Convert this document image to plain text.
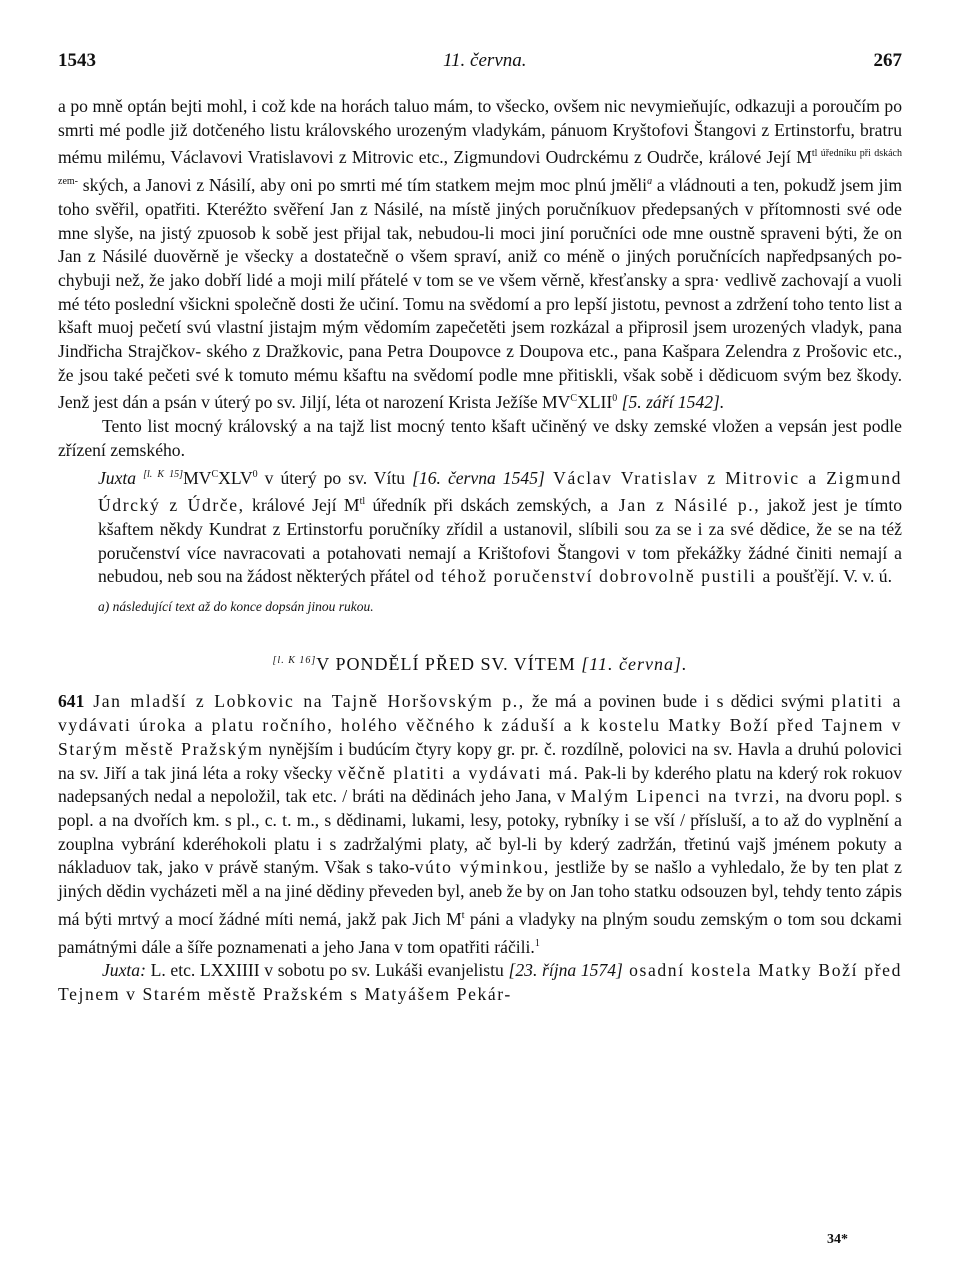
1543	11. června.	267

a po mně optán bejti mohl, i což kde na horách taluo mám, to všecko, ovšem nic nevymieňujíc, odkazuji a poroučím po smrti mé podle již dotčeného listu královského urozeným vladykám, pánuom Kryštofovi Štangovi z Ertinstorfu, bratru mému milému, Václavovi Vratislavovi z Mitrovic etc., Zigmundovi Oudrckému z Oudrče, králové Její $M^{tl úředníku při dskách zem-}$ ských, a Janovi z Násilí, aby oni po smrti mé tím statkem mejm moc plnú jměli$^a$ a vládnouti a ten, pokudž jsem jim toho svěřil, opatřiti. Kteréžto svěření Jan z Násilé, na místě jiných poručníkuov předepsaných v přítomnosti své ode mne slyše, na jistý zpuosob k sobě jest přijal tak, nebudou-li moci jiní poručníci ode mne oustně spraveni býti, že on Jan z Násilé duověrně je všecky a dostatečně o všem spraví, aniž co méně o jiných poručnících napředpsaných po- chybuji než, že jako dobří lidé a moji milí přátelé v tom se ve všem věrně, křesťansky a spra· vedlivě zachovají a vuoli mé této poslední všickni společně dosti že učiní. Tomu na svědomí a pro lepší jistotu, pevnost a zdržení toho tento list a kšaft muoj pečetí svú vlastní jistajm mým vědomím zapečetěti jsem rozkázal a připrosil jsem urozených vladyk, pana Jindřicha Strajčkov- ského z Dražkovic, pana Petra Doupovce z Doupova etc., pana Kašpara Zelendra z Prošovic etc., že jsou také pečeti své k tomuto mému kšaftu na svědomí podle mne přitiskli, však sobě i dědicuom svým bez škody. Jenž jest dán a psán v úterý po sv. Jiljí, léta ot narození Krista Ježíše $MV^CXLII^0$ [5. září 1542].

Tento list mocný královský a na tajž list mocný tento kšaft učiněný ve dsky zemské vložen a vepsán jest podle zřízení zemského.

Juxta $[l. K 15]MV^CXLV^0$ v úterý po sv. Vítu [16. června 1545] Václav Vratislav z Mitrovic a Zigmund Údrcký z Údrče, králové Její $M^{tl}$ úředník při dskách zemských, a Jan z Násilé p., jakož jest je tímto kšaftem někdy Kundrat z Ertinstorfu poručníky zřídil a ustanovil, slíbili sou za se i za své dědice, že se na též poručenství více navracovati a potahovati nemají a Krištofovi Štangovi v tom překážky žádné činiti nemají a nebudou, neb sou na žádost některých přátel od téhož poručenství dobrovolně pustili a poušťějí. V. v. ú.

a) následující text až do konce dopsán jinou rukou.

[l. K 16]V PONDĚLÍ PŘED SV. VÍTEM [11. června].

641 Jan mladší z Lobkovic na Tajně Horšovským p., že má a povinen bude i s dědici svými platiti a vydávati úroka a platu ročního, holého věčného k záduší a k kostelu Matky Boží před Tajnem v Starým městě Pražským nynějším i budúcím čtyry kopy gr. pr. č. rozdílně, polovici na sv. Havla a druhú polovici na sv. Jiří a tak jiná léta a roky všecky věčně platiti a vydávati má. Pak-li by kderého platu na kderý rok rokuov nadepsaných nedal a nepoložil, tak etc. / bráti na dědinách jeho Jana, v Malým Lipenci na tvrzi, na dvoru popl. s popl. a na dvořích km. s pl., c. t. m., s dědinami, lukami, lesy, potoky, rybníky i se vší / přísluší, a to až do vyplnění a zouplna vybrání kderéhokoli platu i s zadržalými platy, ač byl-li by kderý zadržán, třetinú vajš jménem pokuty a nákladuov tak, jako v právě staným. Však s tako-vúto výminkou, jestliže by se našlo a vyhledalo, že by ten plat z jiných dědin vycházeti měl a na jiné dědiny převeden byl, aneb že by on Jan toho statku odsouzen byl, tehdy tento zápis má býti mrtvý a mocí žádné míti nemá, jakž pak Jich $M^t$ páni a vladyky na plným soudu zemským o tom sou dckami památnými dále a šíře poznamenati a jeho Jana v tom opatřiti ráčili.$^1$

Juxta: L. etc. LXXIIII v sobotu po sv. Lukáši evanjelistu [23. října 1574] osadní kostela Matky Boží před Tejnem v Starém městě Pražském s Matyášem Pekár-

34*
